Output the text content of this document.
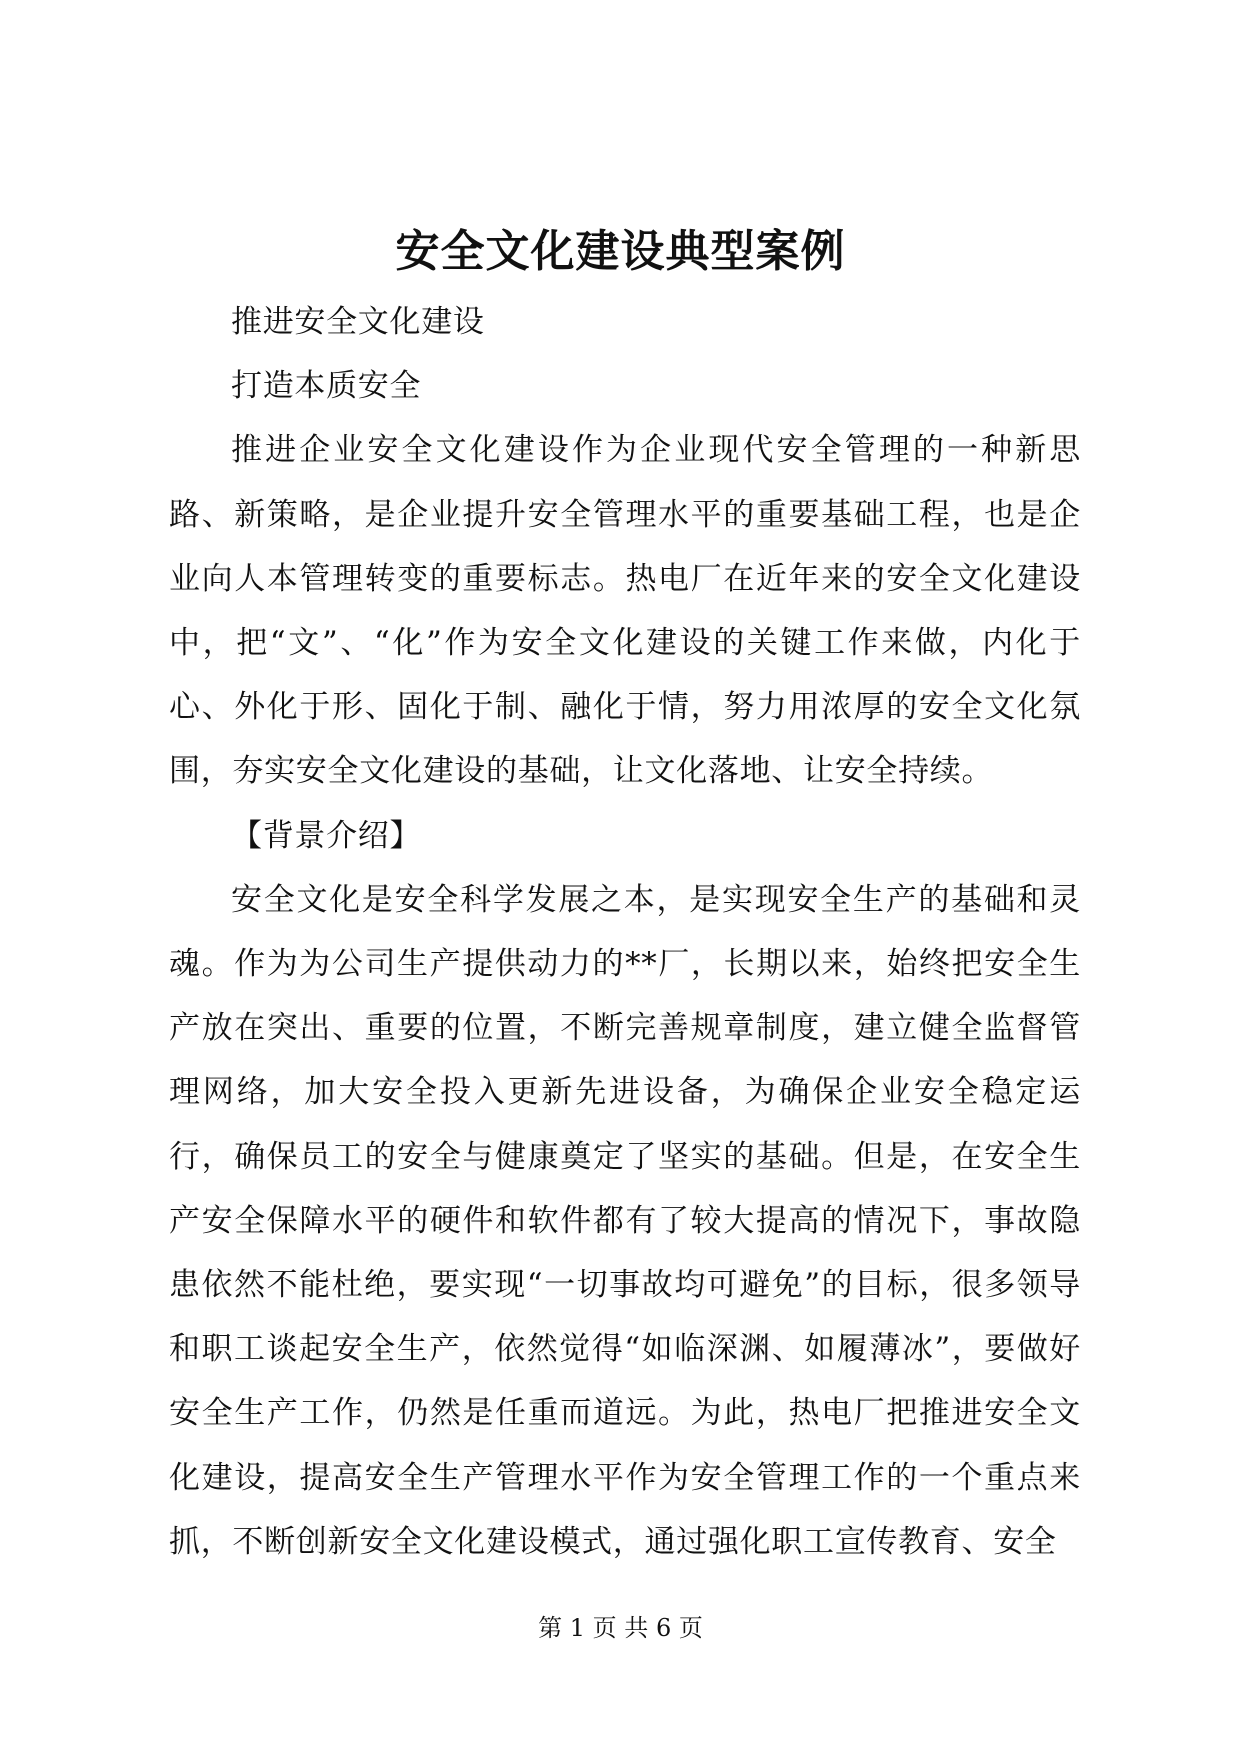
安全文化建设典型案例

推进安全文化建设

打造本质安全

推进企业安全文化建设作为企业现代安全管理的一种新思路、新策略，是企业提升安全管理水平的重要基础工程，也是企业向人本管理转变的重要标志。热电厂在近年来的安全文化建设中，把“文”、“化”作为安全文化建设的关键工作来做，内化于心、外化于形、固化于制、融化于情，努力用浓厚的安全文化氛围，夯实安全文化建设的基础，让文化落地、让安全持续。

【背景介绍】

安全文化是安全科学发展之本，是实现安全生产的基础和灵魂。作为为公司生产提供动力的**厂，长期以来，始终把安全生产放在突出、重要的位置，不断完善规章制度，建立健全监督管理网络，加大安全投入更新先进设备，为确保企业安全稳定运行，确保员工的安全与健康奠定了坚实的基础。但是，在安全生产安全保障水平的硬件和软件都有了较大提高的情况下，事故隐患依然不能杜绝，要实现“一切事故均可避免”的目标，很多领导和职工谈起安全生产，依然觉得“如临深渊、如履薄冰”，要做好安全生产工作，仍然是任重而道远。为此，热电厂把推进安全文化建设，提高安全生产管理水平作为安全管理工作的一个重点来抓，不断创新安全文化建设模式，通过强化职工宣传教育、安全

第 1 页 共 6 页
